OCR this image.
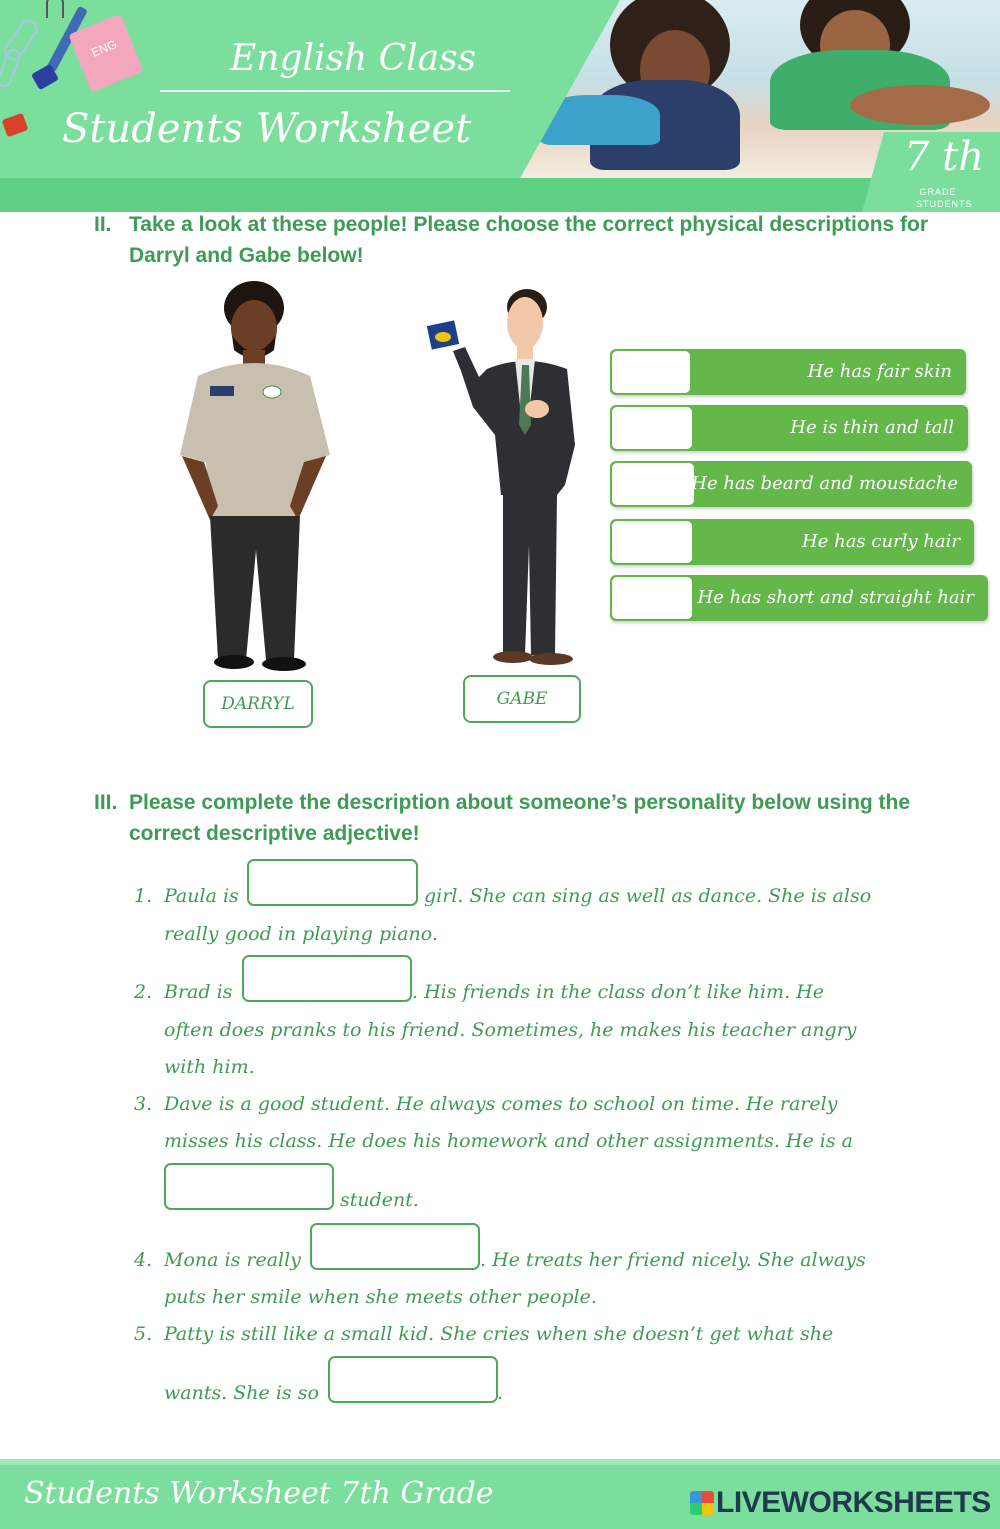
ENG	English Class
Students Worksheet
7 th
GRADE
STUDENTS
II. Take a look at these people! Please choose the correct physical descriptions for Darryl and Gabe below!
DARRYL	GABE
He has fair skin
He is thin and tall
He has beard and moustache
He has curly hair
He has short and straight hair
III. Please complete the description about someone’s personality below using the correct descriptive adjective!
1. Paula is	girl. She can sing as well as dance. She is also
really good in playing piano.
2. Brad is	. His friends in the class don’t like him. He
often does pranks to his friend. Sometimes, he makes his teacher angry
with him.
3. Dave is a good student. He always comes to school on time. He rarely
misses his class. He does his homework and other assignments. He is a
student.
4. Mona is really	. He treats her friend nicely. She always
puts her smile when she meets other people.
5. Patty is still like a small kid. She cries when she doesn’t get what she
wants. She is so	.
Students Worksheet 7th Grade	LIVEWORKSHEETS
